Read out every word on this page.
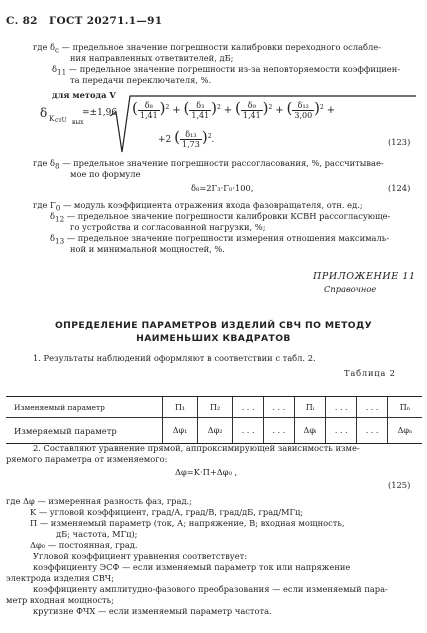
С. 82 ГОСТ 20271.1—91
где $\delta_c$ — предельное значение погрешности калибровки переходного ослабле-
ния направленных ответвителей, дБ;
$\delta_{11}$ — предельное значение погрешности из-за неповторяемости коэффициен-
та передачи переключателя, %.
для метода V
δ K стU вых
=±1,96 ( $\frac{\text{δ₈}}{1,41} )^2$ + ( $\frac{\text{δ₃}}{1,41} )^2$ + ( $\frac{\text{δ₉}}{1,41} )^2$ + ( $\frac{\text{δ₁₂}}{3,00} )^2$ +
+2 ( $\frac{\text{δ₁₃}}{1,73} )^2$.	(123)
где $\delta_8$ — предельное значение погрешности рассогласования, %, рассчитывае-
мое по формуле
δ₈=2Γ₃·Γ₀·100,	(124)
где $\Gamma_0$ — модуль коэффициента отражения входа фазовращателя, отн. ед.;
$\delta_{12}$ — предельное значение погрешности калибровки КСВН рассогласующе-
го устройства и согласованной нагрузки, %;
$\delta_{13}$ — предельное значение погрешности измерения отношения максималь-
ной и минимальной мощностей, %.
ПРИЛОЖЕНИЕ 11
Справочное
ОПРЕДЕЛЕНИЕ ПАРАМЕТРОВ ИЗДЕЛИЙ СВЧ ПО МЕТОДУ
НАИМЕНЬШИХ КВАДРАТОВ
1. Результаты наблюдений оформляют в соответствии с табл. 2.
Таблица 2
Изменяемый параметр	Π₁	Π₂	. . .	. . .	Πᵢ	. . .	. . .	Πₙ
Измеряемый параметр	Δφ₁	Δφ₂	. . .	. . .	Δφᵢ	. . .	. . .	Δφₙ
2. Составляют уравнение прямой, аппроксимирующей зависимость изме-
ряемого параметра от изменяемого:
Δφ=K·Π+Δφ₀ ,
(125)
где Δφ — измеренная разность фаз, град.;
K — угловой коэффициент, град/А, град/В, град/дБ, град/МГц;
Π — изменяемый параметр (ток, А; напряжение, В; входная мощность,
дБ; частота, МГц);
Δφ₀ — постоянная, град.
Угловой коэффициент уравнения соответствует:
коэффициенту ЭСФ — если изменяемый параметр ток или напряжение
электрода изделия СВЧ;
коэффициенту амплитудно-фазового преобразования — если изменяемый пара-
метр входная мощность;
крутизне ФЧХ — если изменяемый параметр частота.
